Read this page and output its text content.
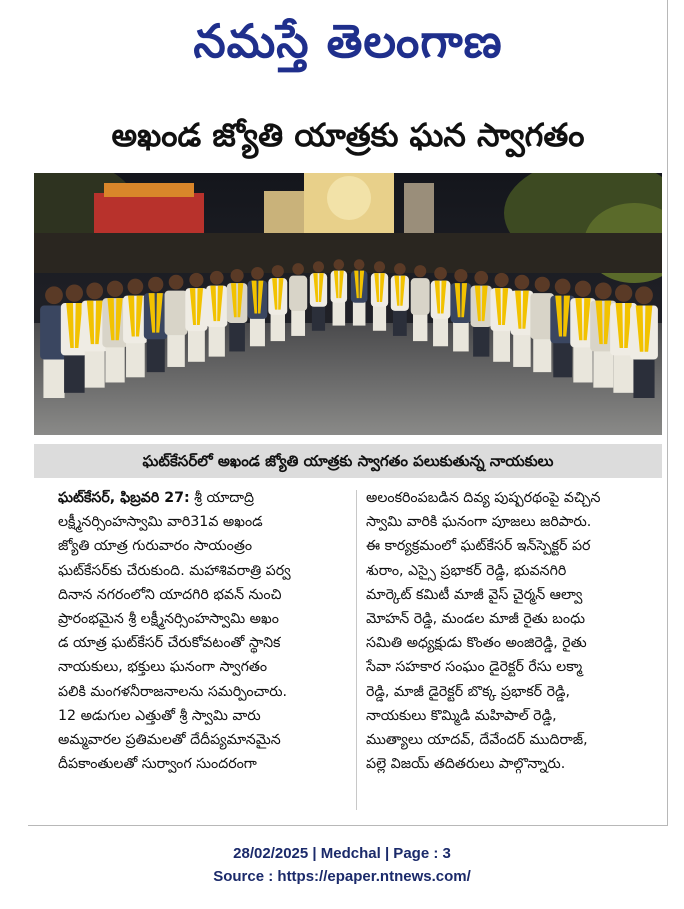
నమస్తే తెలంగాణ
అఖండ జ్యోతి యాత్రకు ఘన స్వాగతం
ఘట్‌కేసర్‌లో అఖండ జ్యోతి యాత్రకు స్వాగతం పలుకుతున్న నాయకులు
ఘట్‌కేసర్, ఫిబ్రవరి 27: శ్రీ యాదాద్రి
లక్ష్మీనర్సింహస్వామి వారి31వ అఖండ
జ్యోతి యాత్ర గురువారం సాయంత్రం
ఘట్‌కేసర్‌కు చేరుకుంది. మహాశివరాత్రి పర్వ
దినాన నగరంలోని యాదగిరి భవన్ నుంచి
ప్రారంభమైన శ్రీ లక్ష్మీనర్సింహస్వామి అఖం
డ యాత్ర ఘట్‌కేసర్ చేరుకోవటంతో స్థానిక
నాయకులు, భక్తులు ఘనంగా స్వాగతం
పలికి మంగళనీరాజనాలను సమర్పించారు.
12 అడుగుల ఎత్తుతో శ్రీ స్వామి వారు
అమ్మవారల ప్రతిమలతో దేదీప్యమానమైన
దీపకాంతులతో సుర్వాంగ సుందరంగా
అలంకరింపబడిన దివ్య పుష్పరథంపై వచ్చిన
స్వామి వారికి ఘనంగా పూజలు జరిపారు.
ఈ కార్యక్రమంలో ఘట్‌కేసర్ ఇన్‌స్పెక్టర్ పర
శురాం, ఎస్సై ప్రభాకర్ రెడ్డి, భువనగిరి
మార్కెట్ కమిటీ మాజీ వైస్ చైర్మన్ ఆల్వా
మోహన్ రెడ్డి, మండల మాజీ రైతు బంధు
సమితి అధ్యక్షుడు కొంతం అంజిరెడ్డి, రైతు
సేవా సహకార సంఘం డైరెక్టర్ రేసు లక్మా
రెడ్డి, మాజీ డైరెక్టర్ బొక్క ప్రభాకర్ రెడ్డి,
నాయకులు కొమ్మిడి మహిపాల్ రెడ్డి,
ముత్యాలు యాదవ్, దేవేందర్ ముదిరాజ్,
పల్లె విజయ్ తదితరులు పాల్గొన్నారు.
28/02/2025 | Medchal | Page : 3
Source : https://epaper.ntnews.com/
